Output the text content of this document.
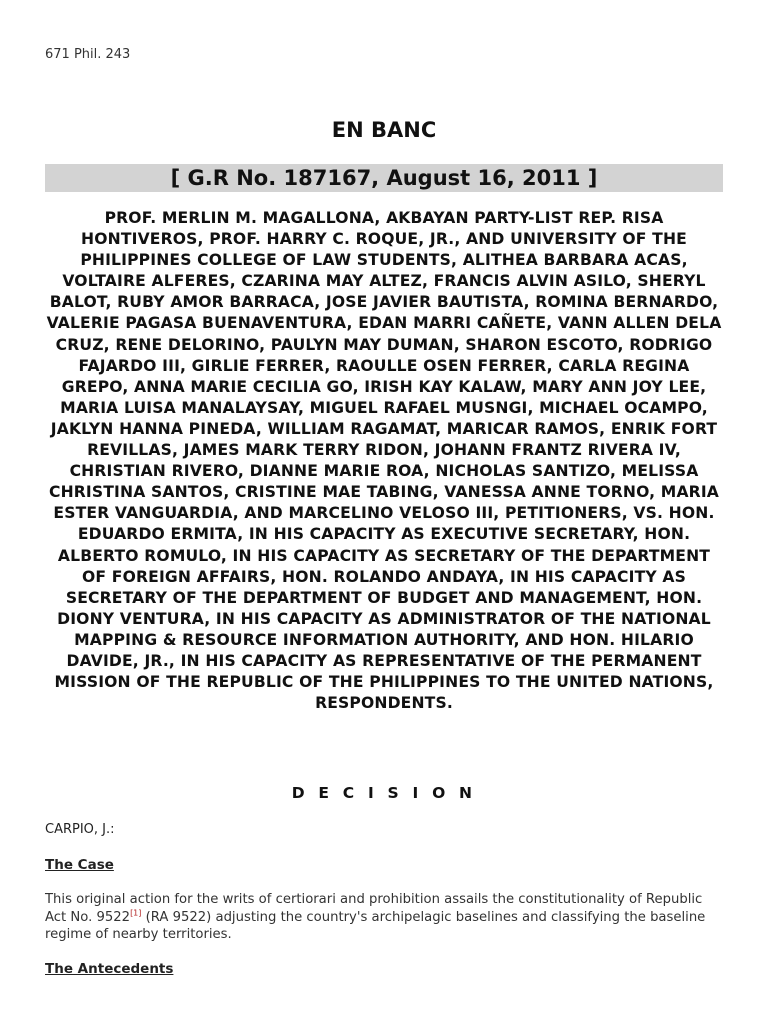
671 Phil. 243
EN BANC
[ G.R No. 187167, August 16, 2011 ]
PROF. MERLIN M. MAGALLONA, AKBAYAN PARTY-LIST REP. RISA HONTIVEROS, PROF. HARRY C. ROQUE, JR., AND UNIVERSITY OF THE PHILIPPINES COLLEGE OF LAW STUDENTS, ALITHEA BARBARA ACAS, VOLTAIRE ALFERES, CZARINA MAY ALTEZ, FRANCIS ALVIN ASILO, SHERYL BALOT, RUBY AMOR BARRACA, JOSE JAVIER BAUTISTA, ROMINA BERNARDO, VALERIE PAGASA BUENAVENTURA, EDAN MARRI CAÑETE, VANN ALLEN DELA CRUZ, RENE DELORINO, PAULYN MAY DUMAN, SHARON ESCOTO, RODRIGO FAJARDO III, GIRLIE FERRER, RAOULLE OSEN FERRER, CARLA REGINA GREPO, ANNA MARIE CECILIA GO, IRISH KAY KALAW, MARY ANN JOY LEE, MARIA LUISA MANALAYSAY, MIGUEL RAFAEL MUSNGI, MICHAEL OCAMPO, JAKLYN HANNA PINEDA, WILLIAM RAGAMAT, MARICAR RAMOS, ENRIK FORT REVILLAS, JAMES MARK TERRY RIDON, JOHANN FRANTZ RIVERA IV, CHRISTIAN RIVERO, DIANNE MARIE ROA, NICHOLAS SANTIZO, MELISSA CHRISTINA SANTOS, CRISTINE MAE TABING, VANESSA ANNE TORNO, MARIA ESTER VANGUARDIA, AND MARCELINO VELOSO III, PETITIONERS, VS. HON. EDUARDO ERMITA, IN HIS CAPACITY AS EXECUTIVE SECRETARY, HON. ALBERTO ROMULO, IN HIS CAPACITY AS SECRETARY OF THE DEPARTMENT OF FOREIGN AFFAIRS, HON. ROLANDO ANDAYA, IN HIS CAPACITY AS SECRETARY OF THE DEPARTMENT OF BUDGET AND MANAGEMENT, HON. DIONY VENTURA, IN HIS CAPACITY AS ADMINISTRATOR OF THE NATIONAL MAPPING & RESOURCE INFORMATION AUTHORITY, AND HON. HILARIO DAVIDE, JR., IN HIS CAPACITY AS REPRESENTATIVE OF THE PERMANENT MISSION OF THE REPUBLIC OF THE PHILIPPINES TO THE UNITED NATIONS, RESPONDENTS.
D E C I S I O N
CARPIO, J.:
The Case
This original action for the writs of certiorari and prohibition assails the constitutionality of Republic Act No. 9522[1] (RA 9522) adjusting the country's archipelagic baselines and classifying the baseline regime of nearby territories.
The Antecedents
